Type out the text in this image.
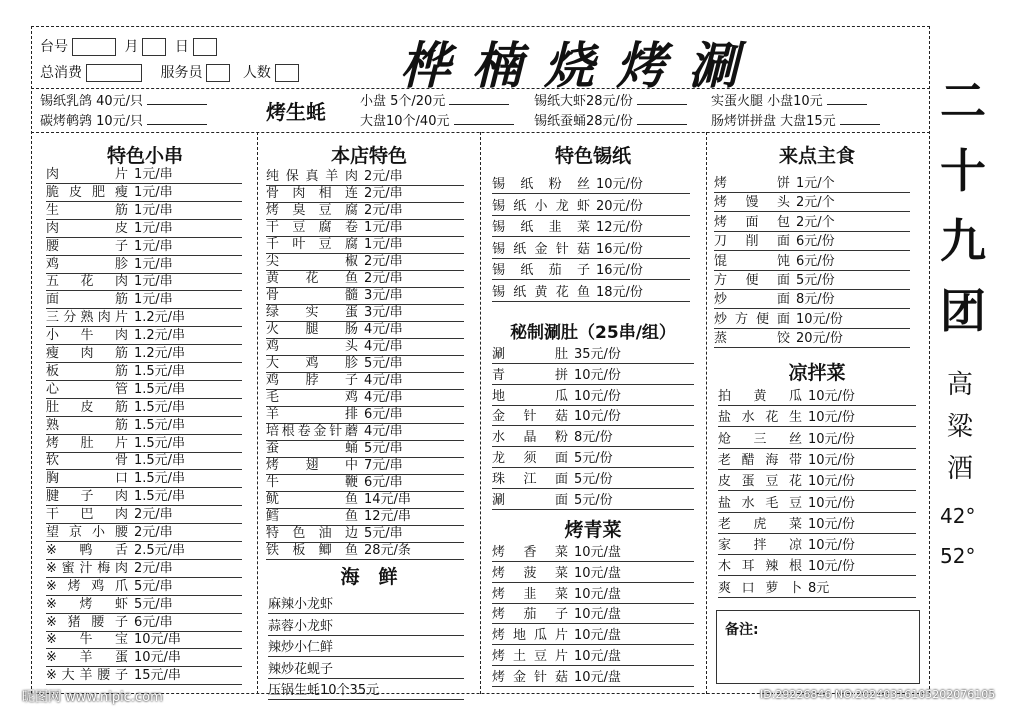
台号	月	日
总消费	服务员	人数	桦楠烧烤涮
锡纸乳鸽 40元/只
碳烤鹌鹑 10元/只	烤生蚝	小盘 5个/20元
大盘10个/40元
锡纸大虾28元/份
锡纸蚕蛹28元/份
实蛋火腿 小盘10元
肠烤饼拼盘 大盘15元
特色小串	本店特色	特色锡纸	来点主食
海　鲜
秘制涮肚（25串/组）
烤青菜
凉拌菜
肉片 1元/串
脆皮肥瘦 1元/串
生筋 1元/串
肉皮 1元/串
腰子 1元/串
鸡胗 1元/串
五花肉 1元/串
面筋 1元/串
三分熟肉片 1.2元/串
小牛肉 1.2元/串
瘦肉筋 1.2元/串
板筋 1.5元/串
心管 1.5元/串
肚皮筋 1.5元/串
熟筋 1.5元/串
烤肚片 1.5元/串
软骨 1.5元/串
胸口 1.5元/串
腱子肉 1.5元/串
干巴肉 2元/串
望京小腰 2元/串
※鸭舌 2.5元/串
※蜜汁梅肉 2元/串
※烤鸡爪 5元/串
※烤虾 5元/串
※猪腰子 6元/串
※牛宝 10元/串
※羊蛋 10元/串
※大羊腰子 15元/串
纯保真羊肉 2元/串
骨肉相连 2元/串
烤臭豆腐 2元/串
干豆腐卷 1元/串
千叶豆腐 1元/串
尖椒 2元/串
黄花鱼 2元/串
骨髓 3元/串
绿实蛋 3元/串
火腿肠 4元/串
鸡头 4元/串
大鸡胗 5元/串
鸡脖子 4元/串
毛鸡 4元/串
羊排 6元/串
培根卷金针蘑 4元/串
蚕蛹 5元/串
烤翅中 7元/串
牛鞭 6元/串
鱿鱼 14元/串
鳕鱼 12元/串
特色油边 5元/串
铁板鲫鱼 28元/条
麻辣小龙虾
蒜蓉小龙虾
辣炒小仁鲜
辣炒花蚬子
压锅生蚝10个35元
锡纸粉丝 10元/份
锡纸小龙虾 20元/份
锡纸韭菜 12元/份
锡纸金针菇 16元/份
锡纸茄子 16元/份
锡纸黄花鱼 18元/份
涮肚 35元/份
青拼 10元/份
地瓜 10元/份
金针菇 10元/份
水晶粉 8元/份
龙须面 5元/份
珠江面 5元/份
涮面 5元/份
烤香菜 10元/盘
烤菠菜 10元/盘
烤韭菜 10元/盘
烤茄子 10元/盘
烤地瓜片 10元/盘
烤土豆片 10元/盘
烤金针菇 10元/盘
烤饼 1元/个
烤馒头 2元/个
烤面包 2元/个
刀削面 6元/份
馄饨 6元/份
方便面 5元/份
炒面 8元/份
炒方便面 10元/份
蒸饺 20元/份
拍黄瓜 10元/份
盐水花生 10元/份
炝三丝 10元/份
老醋海带 10元/份
皮蛋豆花 10元/份
盐水毛豆 10元/份
老虎菜 10元/份
家拌凉 10元/份
木耳辣根 10元/份
爽口萝卜 8元
备注:
二
十
九
团
高
粱
酒
42°
52°
昵图网 www.nipic.com	ID:29226846 NO:20240316105202076105
